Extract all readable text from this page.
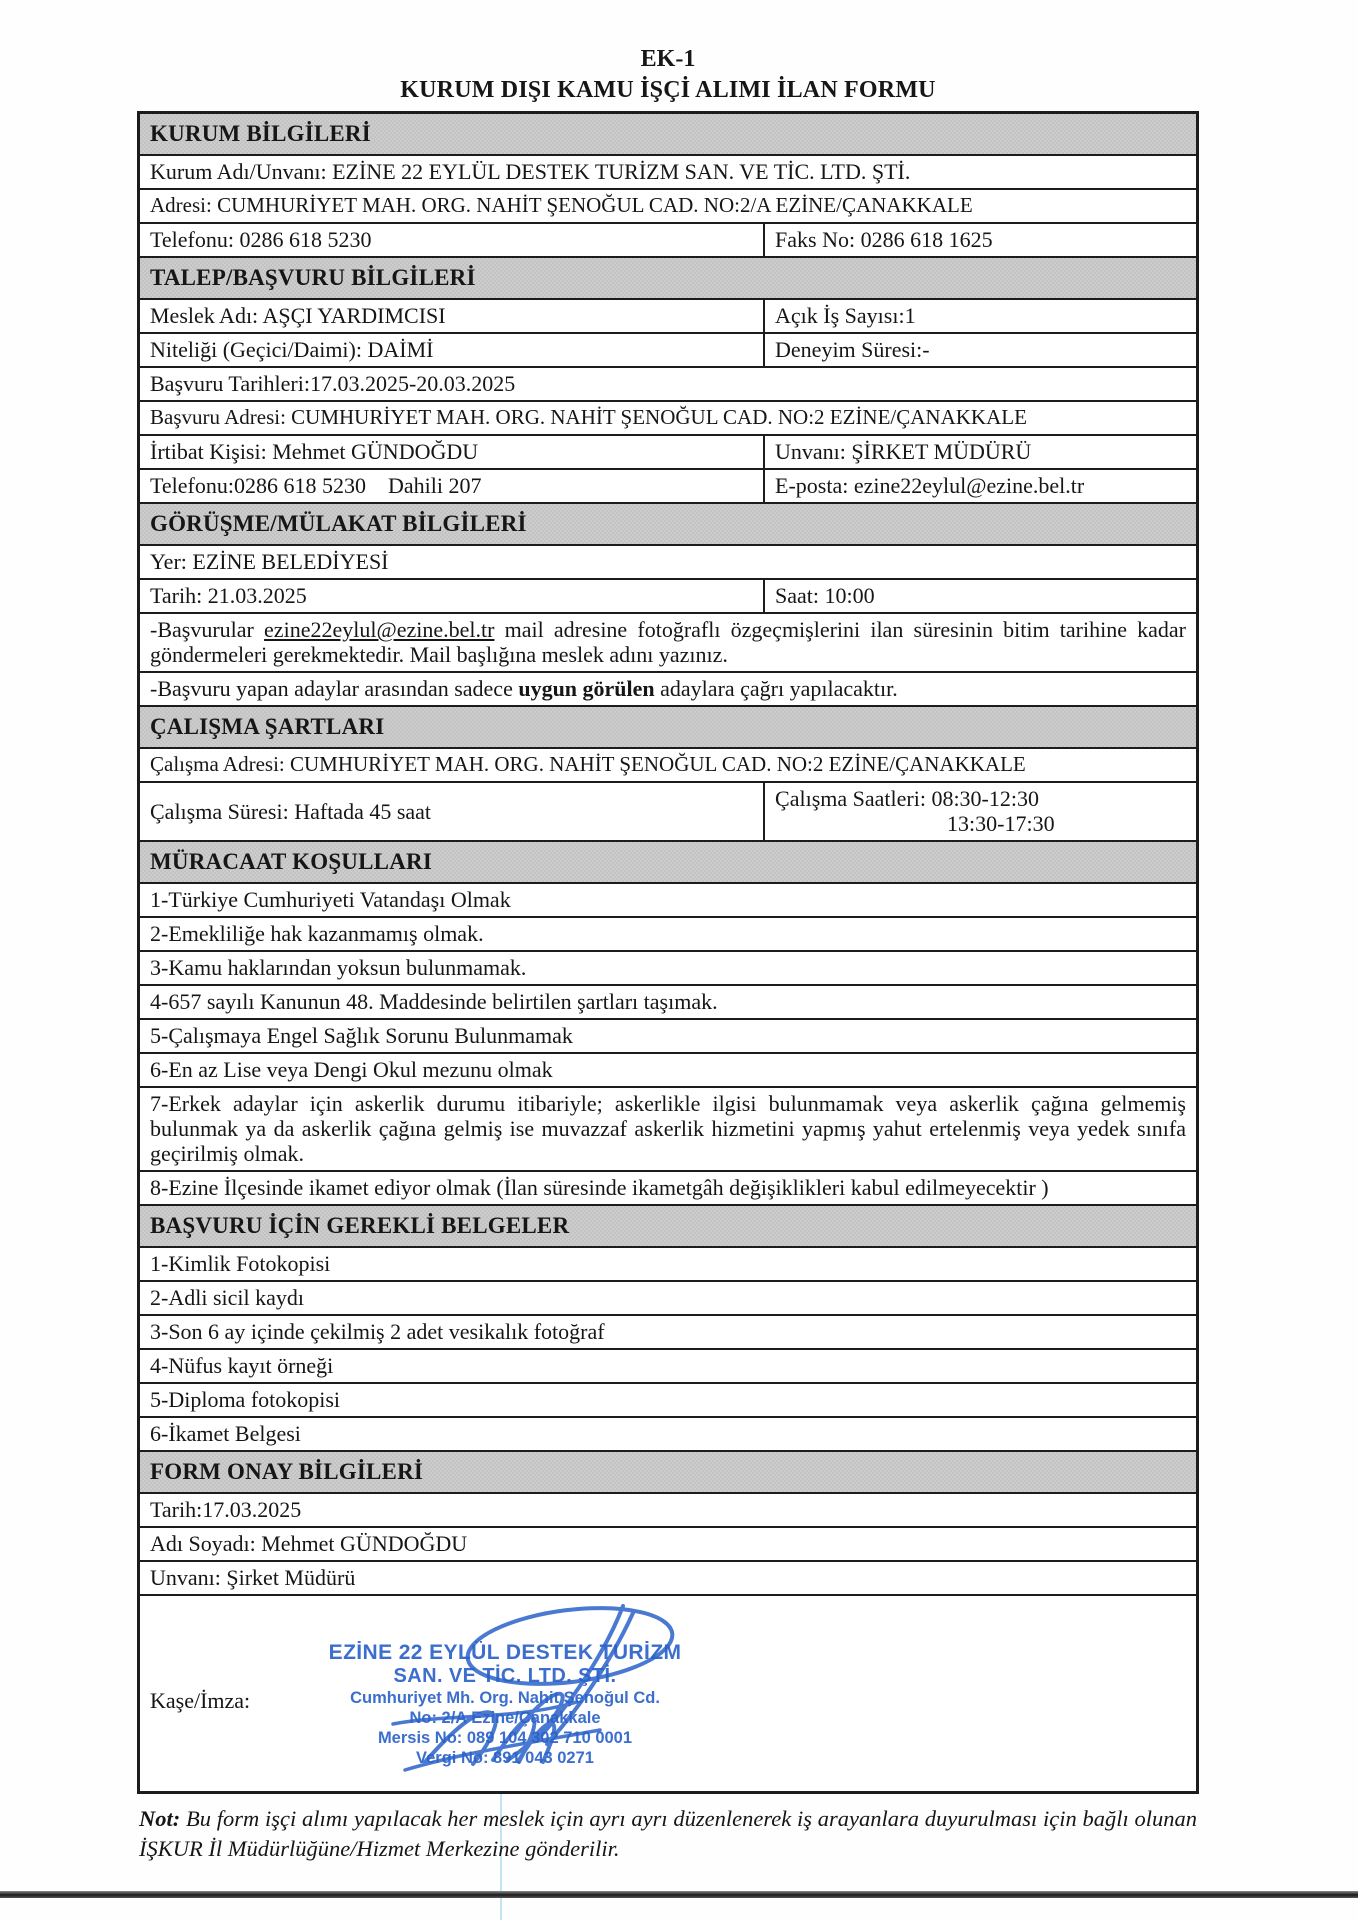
EK-1
KURUM DIŞI KAMU İŞÇİ ALIMI İLAN FORMU
KURUM BİLGİLERİ
Kurum Adı/Unvanı: EZİNE 22 EYLÜL DESTEK TURİZM SAN. VE TİC. LTD. ŞTİ.
Adresi: CUMHURİYET MAH. ORG. NAHİT ŞENOĞUL CAD. NO:2/A EZİNE/ÇANAKKALE
Telefonu: 0286 618 5230	Faks No: 0286 618 1625
TALEP/BAŞVURU BİLGİLERİ
Meslek Adı: AŞÇI YARDIMCISI	Açık İş Sayısı:1
Niteliği (Geçici/Daimi): DAİMİ	Deneyim Süresi:-
Başvuru Tarihleri:17.03.2025-20.03.2025
Başvuru Adresi: CUMHURİYET MAH. ORG. NAHİT ŞENOĞUL CAD. NO:2 EZİNE/ÇANAKKALE
İrtibat Kişisi: Mehmet GÜNDOĞDU	Unvanı: ŞİRKET MÜDÜRÜ
Telefonu:0286 618 5230    Dahili 207	E-posta: ezine22eylul@ezine.bel.tr
GÖRÜŞME/MÜLAKAT BİLGİLERİ
Yer: EZİNE BELEDİYESİ
Tarih: 21.03.2025	Saat: 10:00
-Başvurular ezine22eylul@ezine.bel.tr mail adresine fotoğraflı özgeçmişlerini ilan süresinin bitim tarihine kadar göndermeleri gerekmektedir. Mail başlığına meslek adını yazınız.
-Başvuru yapan adaylar arasından sadece uygun görülen adaylara çağrı yapılacaktır.
ÇALIŞMA ŞARTLARI
Çalışma Adresi: CUMHURİYET MAH. ORG. NAHİT ŞENOĞUL CAD. NO:2 EZİNE/ÇANAKKALE
Çalışma Süresi: Haftada 45 saat	Çalışma Saatleri: 08:30-12:30
13:30-17:30
MÜRACAAT KOŞULLARI
1-Türkiye Cumhuriyeti Vatandaşı Olmak
2-Emekliliğe hak kazanmamış olmak.
3-Kamu haklarından yoksun bulunmamak.
4-657 sayılı Kanunun 48. Maddesinde belirtilen şartları taşımak.
5-Çalışmaya Engel Sağlık Sorunu Bulunmamak
6-En az Lise veya Dengi Okul mezunu olmak
7-Erkek adaylar için askerlik durumu itibariyle; askerlikle ilgisi bulunmamak veya askerlik çağına gelmemiş bulunmak ya da askerlik çağına gelmiş ise muvazzaf askerlik hizmetini yapmış yahut ertelenmiş veya yedek sınıfa geçirilmiş olmak.
8-Ezine İlçesinde ikamet ediyor olmak (İlan süresinde ikametgâh değişiklikleri kabul edilmeyecektir )
BAŞVURU İÇİN GEREKLİ BELGELER
1-Kimlik Fotokopisi
2-Adli sicil kaydı
3-Son 6 ay içinde çekilmiş 2 adet vesikalık fotoğraf
4-Nüfus kayıt örneği
5-Diploma fotokopisi
6-İkamet Belgesi
FORM ONAY BİLGİLERİ
Tarih:17.03.2025
Adı Soyadı: Mehmet GÜNDOĞDU
Unvanı: Şirket Müdürü
Kaşe/İmza:
EZİNE 22 EYLÜL DESTEK TURİZM
SAN. VE TİC. LTD. ŞTİ.
Cumhuriyet Mh. Org. Nahit Şenoğul Cd.
No: 2/A Ezine/Çanakkale
Mersis No: 089 104 302 710 0001
Vergi No: 891 043 0271

Not: Bu form işçi alımı yapılacak her meslek için ayrı ayrı düzenlenerek iş arayanlara duyurulması için bağlı olunan İŞKUR İl Müdürlüğüne/Hizmet Merkezine gönderilir.
